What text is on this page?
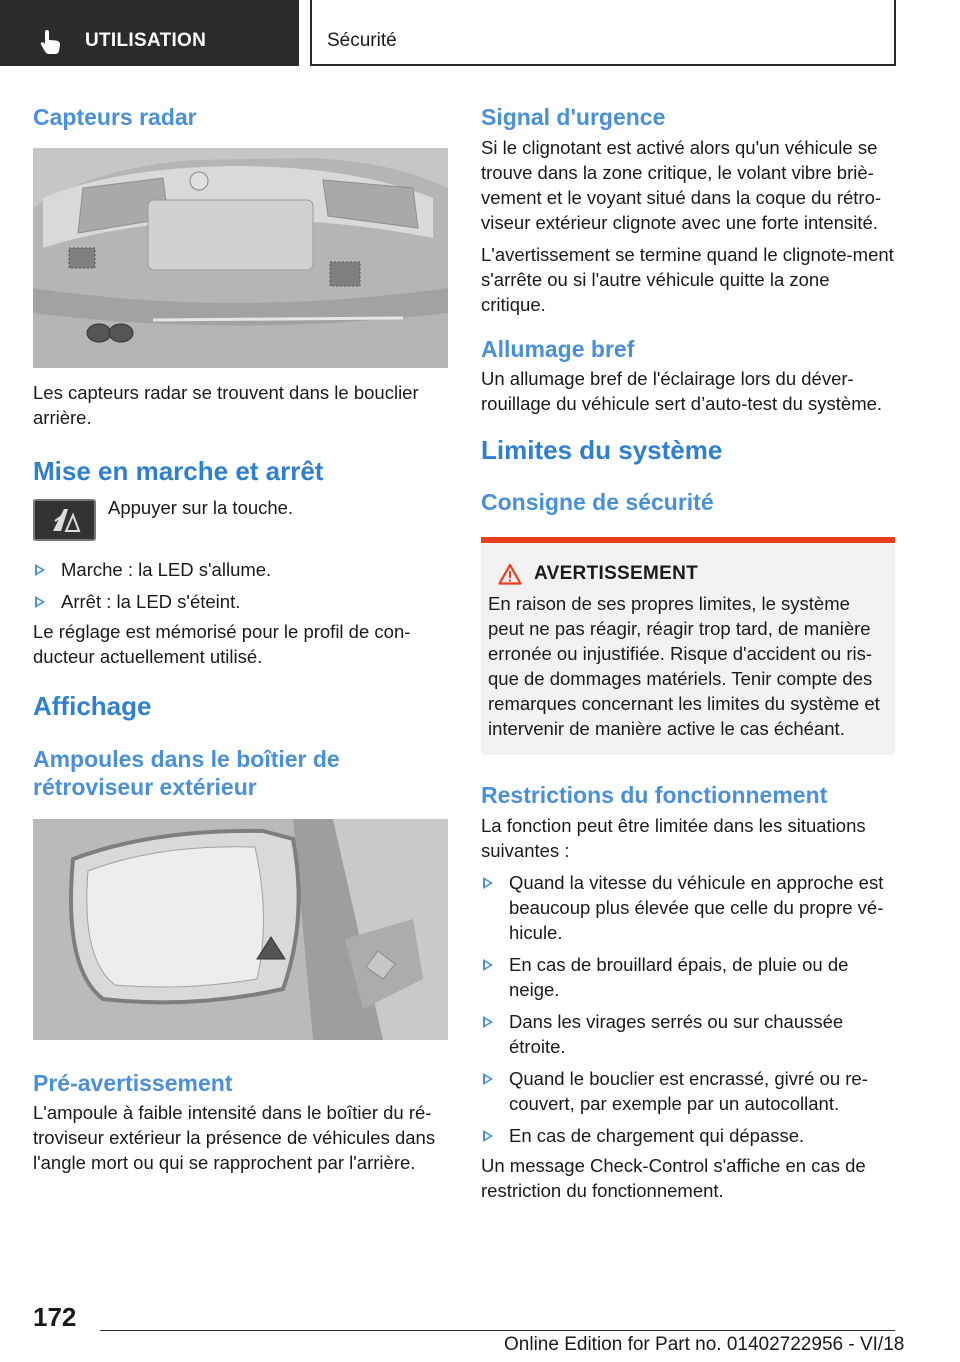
UTILISATION	Sécurité
Capteurs radar

Les capteurs radar se trouvent dans le bouclier arrière.

Mise en marche et arrêt

Appuyer sur la touche.

Marche : la LED s'allume.
Arrêt : la LED s'éteint.

Le réglage est mémorisé pour le profil de con-ducteur actuellement utilisé.

Affichage
Ampoules dans le boîtier de rétroviseur extérieur
Pré-avertissement

L'ampoule à faible intensité dans le boîtier du ré-troviseur extérieur la présence de véhicules dans l'angle mort ou qui se rapprochent par l'arrière.

Signal d'urgence

Si le clignotant est activé alors qu'un véhicule se trouve dans la zone critique, le volant vibre briè-vement et le voyant situé dans la coque du rétro-viseur extérieur clignote avec une forte intensité.

L'avertissement se termine quand le clignote-ment s'arrête ou si l'autre véhicule quitte la zone critique.

Allumage bref

Un allumage bref de l'éclairage lors du déver-rouillage du véhicule sert d’auto-test du système.

Limites du système
Consigne de sécurité
AVERTISSEMENT

En raison de ses propres limites, le système peut ne pas réagir, réagir trop tard, de manière erronée ou injustifiée. Risque d'accident ou ris-que de dommages matériels. Tenir compte des remarques concernant les limites du système et intervenir de manière active le cas échéant.

Restrictions du fonctionnement

La fonction peut être limitée dans les situations suivantes :

Quand la vitesse du véhicule en approche est beaucoup plus élevée que celle du propre vé-hicule.
En cas de brouillard épais, de pluie ou de neige.
Dans les virages serrés ou sur chaussée étroite.
Quand le bouclier est encrassé, givré ou re-couvert, par exemple par un autocollant.
En cas de chargement qui dépasse.

Un message Check-Control s'affiche en cas de restriction du fonctionnement.

172
Online Edition for Part no. 01402722956 - VI/18
